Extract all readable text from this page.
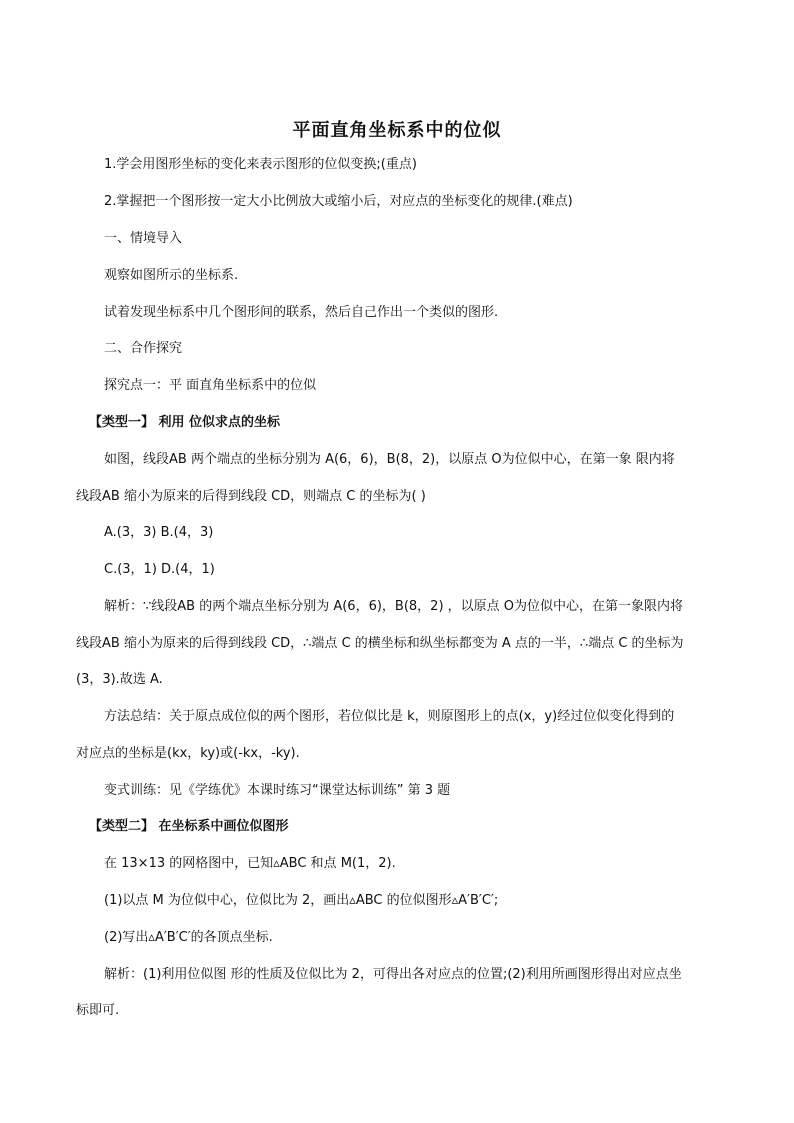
平面直角坐标系中的位似
1.学会用图形坐标的变化来表示图形的位似变换;(重点)
2.掌握把一个图形按一定大小比例放大或缩小后，对应点的坐标变化的规律.(难点)
一、情境导入
观察如图所示的坐标系.
试着发现坐标系中几个图形间的联系，然后自己作出一个类似的图形.
二、合作探究
探究点一：平 面直角坐标系中的位似
【类型一】 利用 位似求点的坐标
如图，线段AB 两个端点的坐标分别为 A(6，6)，B(8，2)，以原点 O为位似中心，在第一象 限内将
线段AB 缩小为原来的后得到线段 CD，则端点 C 的坐标为( )
A.(3，3) B.(4，3)
C.(3，1) D.(4，1)
解析：∵线段AB 的两个端点坐标分别为 A(6，6)，B(8，2) ，以原点 O为位似中心，在第一象限内将
线段AB 缩小为原来的后得到线段 CD，∴端点 C 的横坐标和纵坐标都变为 A 点的一半，∴端点 C 的坐标为
(3，3).故选 A.
方法总结：关于原点成位似的两个图形，若位似比是 k，则原图形上的点(x，y)经过位似变化得到的
对应点的坐标是(kx，ky)或(-kx，-ky).
变式训练：见《学练优》本课时练习“课堂达标训练” 第 3 题
【类型二】 在坐标系中画位似图形
在 13×13 的网格图中，已知▵ABC 和点 M(1，2).
(1)以点 M 为位似中心，位似比为 2，画出▵ABC 的位似图形▵A′B′C′;
(2)写出▵A′B′C′的各顶点坐标.
解析：(1)利用位似图 形的性质及位似比为 2，可得出各对应点的位置;(2)利用所画图形得出对应点坐
标即可.
